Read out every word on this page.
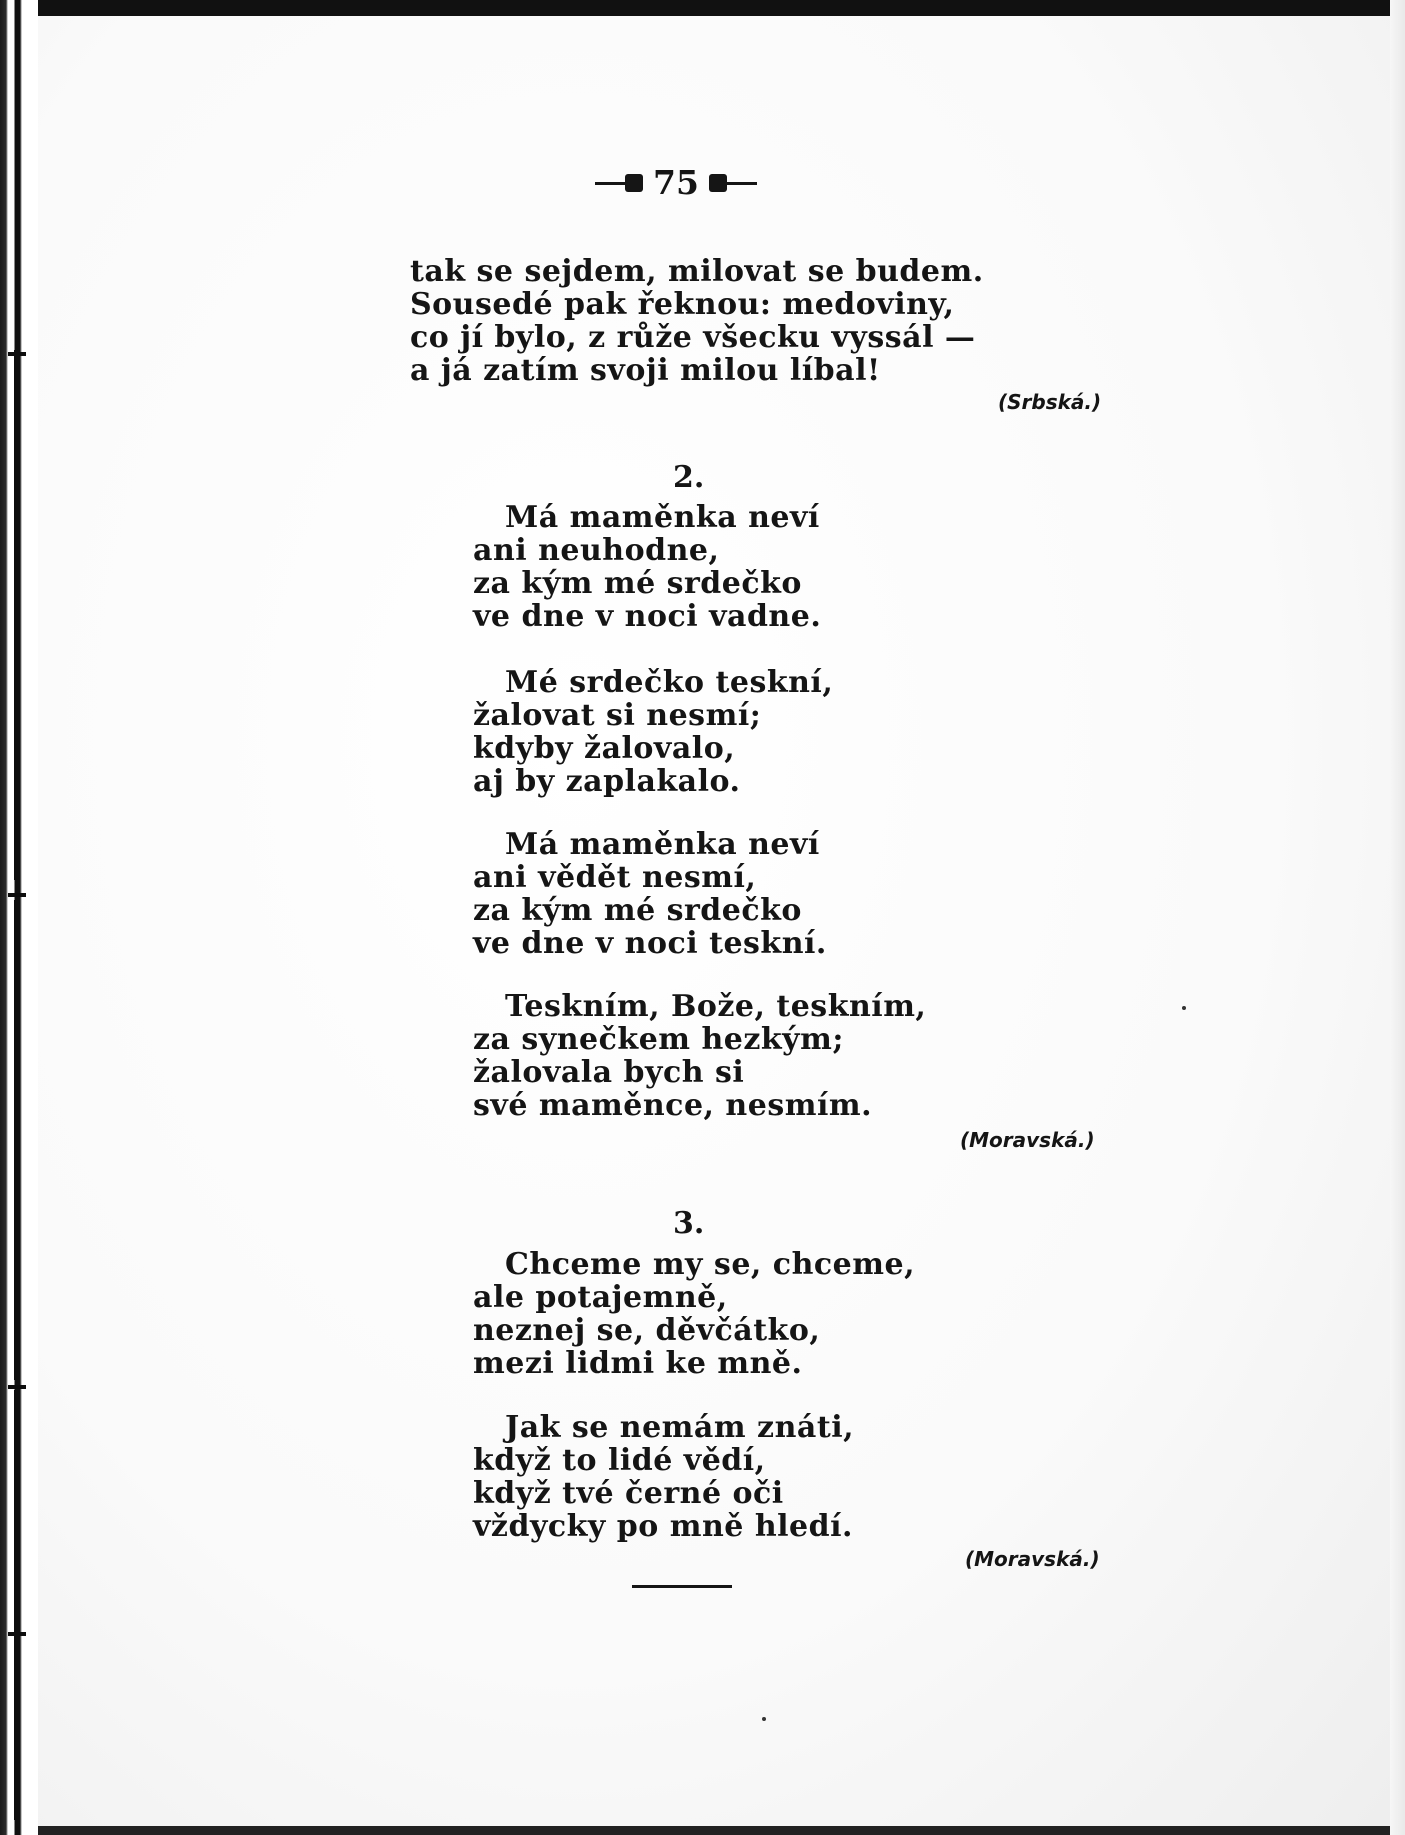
75
tak se sejdem, milovat se budem.
Sousedé pak řeknou: medoviny,
co jí bylo, z růže všecku vyssál —
a já zatím svoji milou líbal!
(Srbská.)
2.
Má maměnka neví
ani neuhodne,
za kým mé srdečko
ve dne v noci vadne.
Mé srdečko teskní,
žalovat si nesmí;
kdyby žalovalo,
aj by zaplakalo.
Má maměnka neví
ani vědět nesmí,
za kým mé srdečko
ve dne v noci teskní.
Teskním, Bože, teskním,
za synečkem hezkým;
žalovala bych si
své maměnce, nesmím.
(Moravská.)
3.
Chceme my se, chceme,
ale potajemně,
neznej se, děvčátko,
mezi lidmi ke mně.
Jak se nemám znáti,
když to lidé vědí,
když tvé černé oči
vždycky po mně hledí.
(Moravská.)
